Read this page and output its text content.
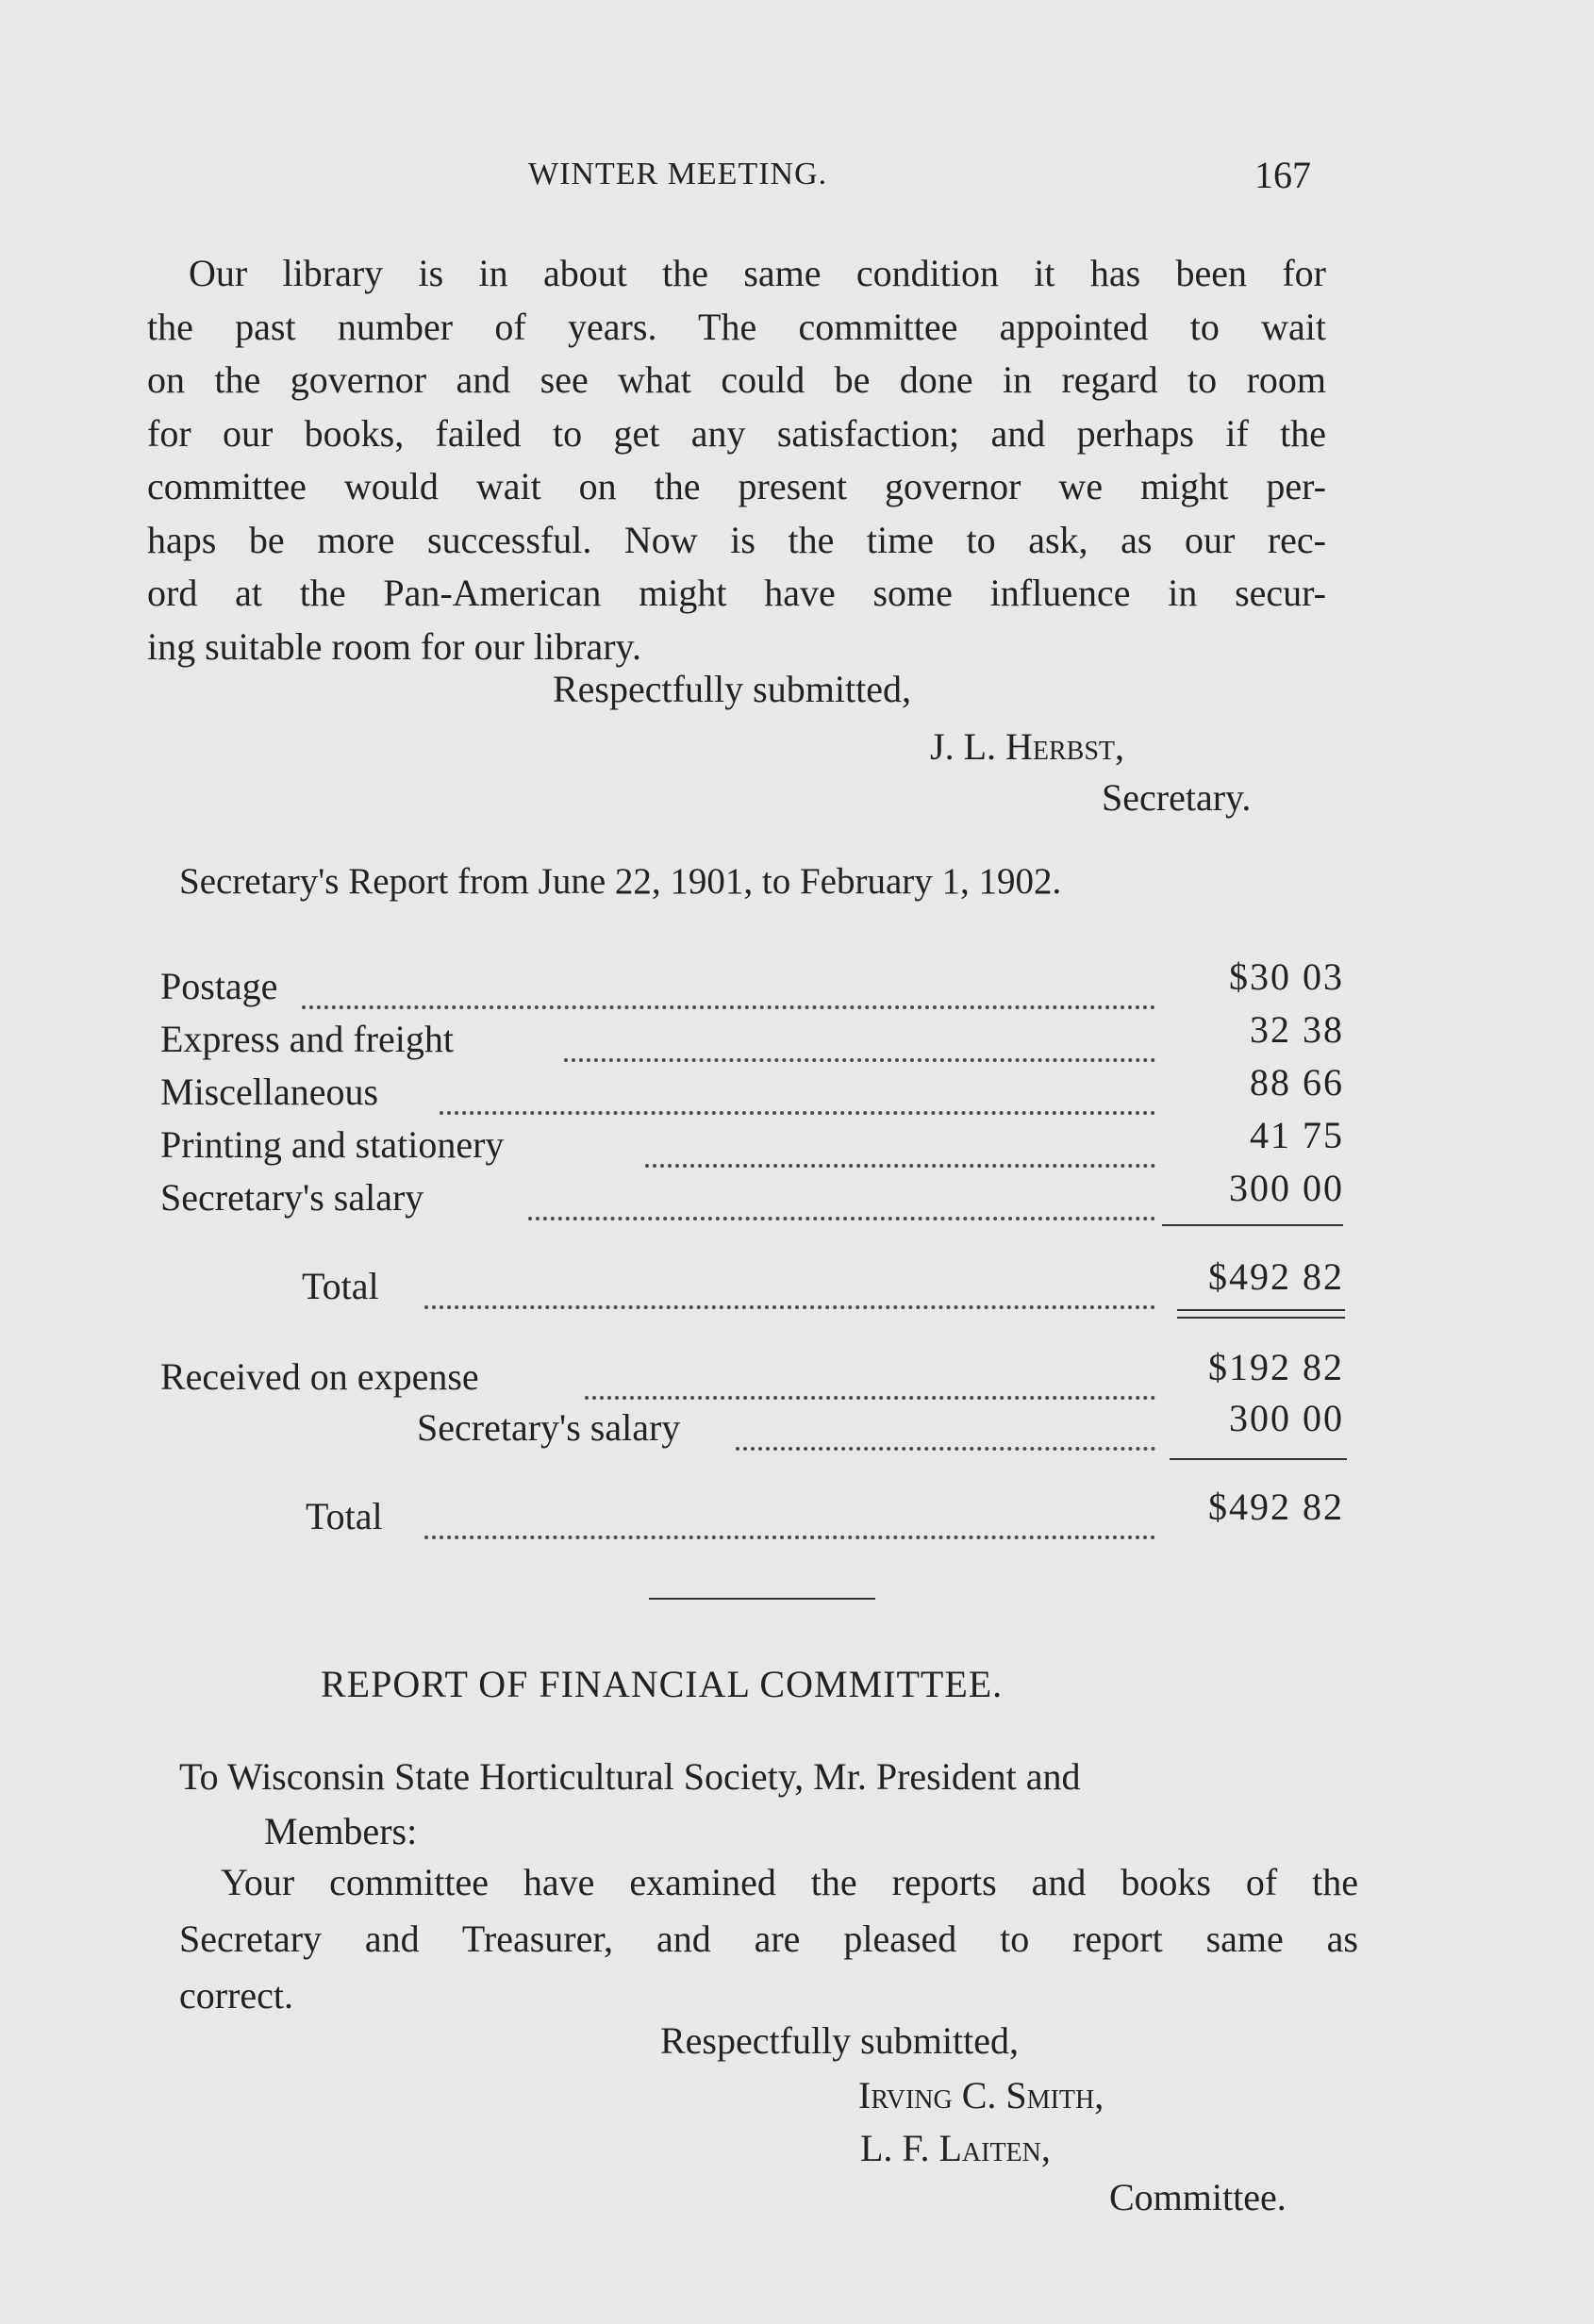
WINTER MEETING.	167
Our library is in about the same condition it has been for
the past number of years. The committee appointed to wait
on the governor and see what could be done in regard to room
for our books, failed to get any satisfaction; and perhaps if the
committee would wait on the present governor we might per-
haps be more successful. Now is the time to ask, as our rec-
ord at the Pan-American might have some influence in secur-
ing suitable room for our library.
Respectfully submitted,
J. L. Herbst,
Secretary.
Secretary's Report from June 22, 1901, to February 1, 1902.
Postage	$30 03
Express and freight	32 38
Miscellaneous	88 66
Printing and stationery	41 75
Secretary's salary	300 00
Total	$492 82
Received on expense	$192 82
Secretary's salary	300 00
Total	$492 82
REPORT OF FINANCIAL COMMITTEE.
To Wisconsin State Horticultural Society, Mr. President and
Members:
Your committee have examined the reports and books of the
Secretary and Treasurer, and are pleased to report same as
correct.
Respectfully submitted,
Irving C. Smith,
L. F. Laiten,
Committee.
